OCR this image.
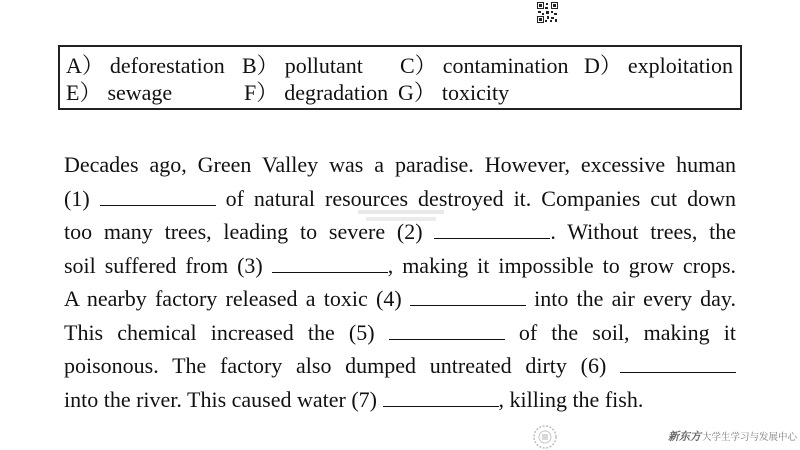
A） deforestation B） pollutant C） contamination D） exploitation
E） sewage	F） degradation G） toxicity
Decades ago, Green Valley was a paradise. However, excessive human
(1)	of natural resources destroyed it. Companies cut down
too many trees, leading to severe (2)	. Without trees, the
soil suffered from (3)	, making it impossible to grow crops.
A nearby factory released a toxic (4)	into the air every day.
This chemical increased the (5)	of the soil, making it
poisonous. The factory also dumped untreated dirty (6)
into the river. This caused water (7)	, killing the fish.
新东方 大学生学习与发展中心
